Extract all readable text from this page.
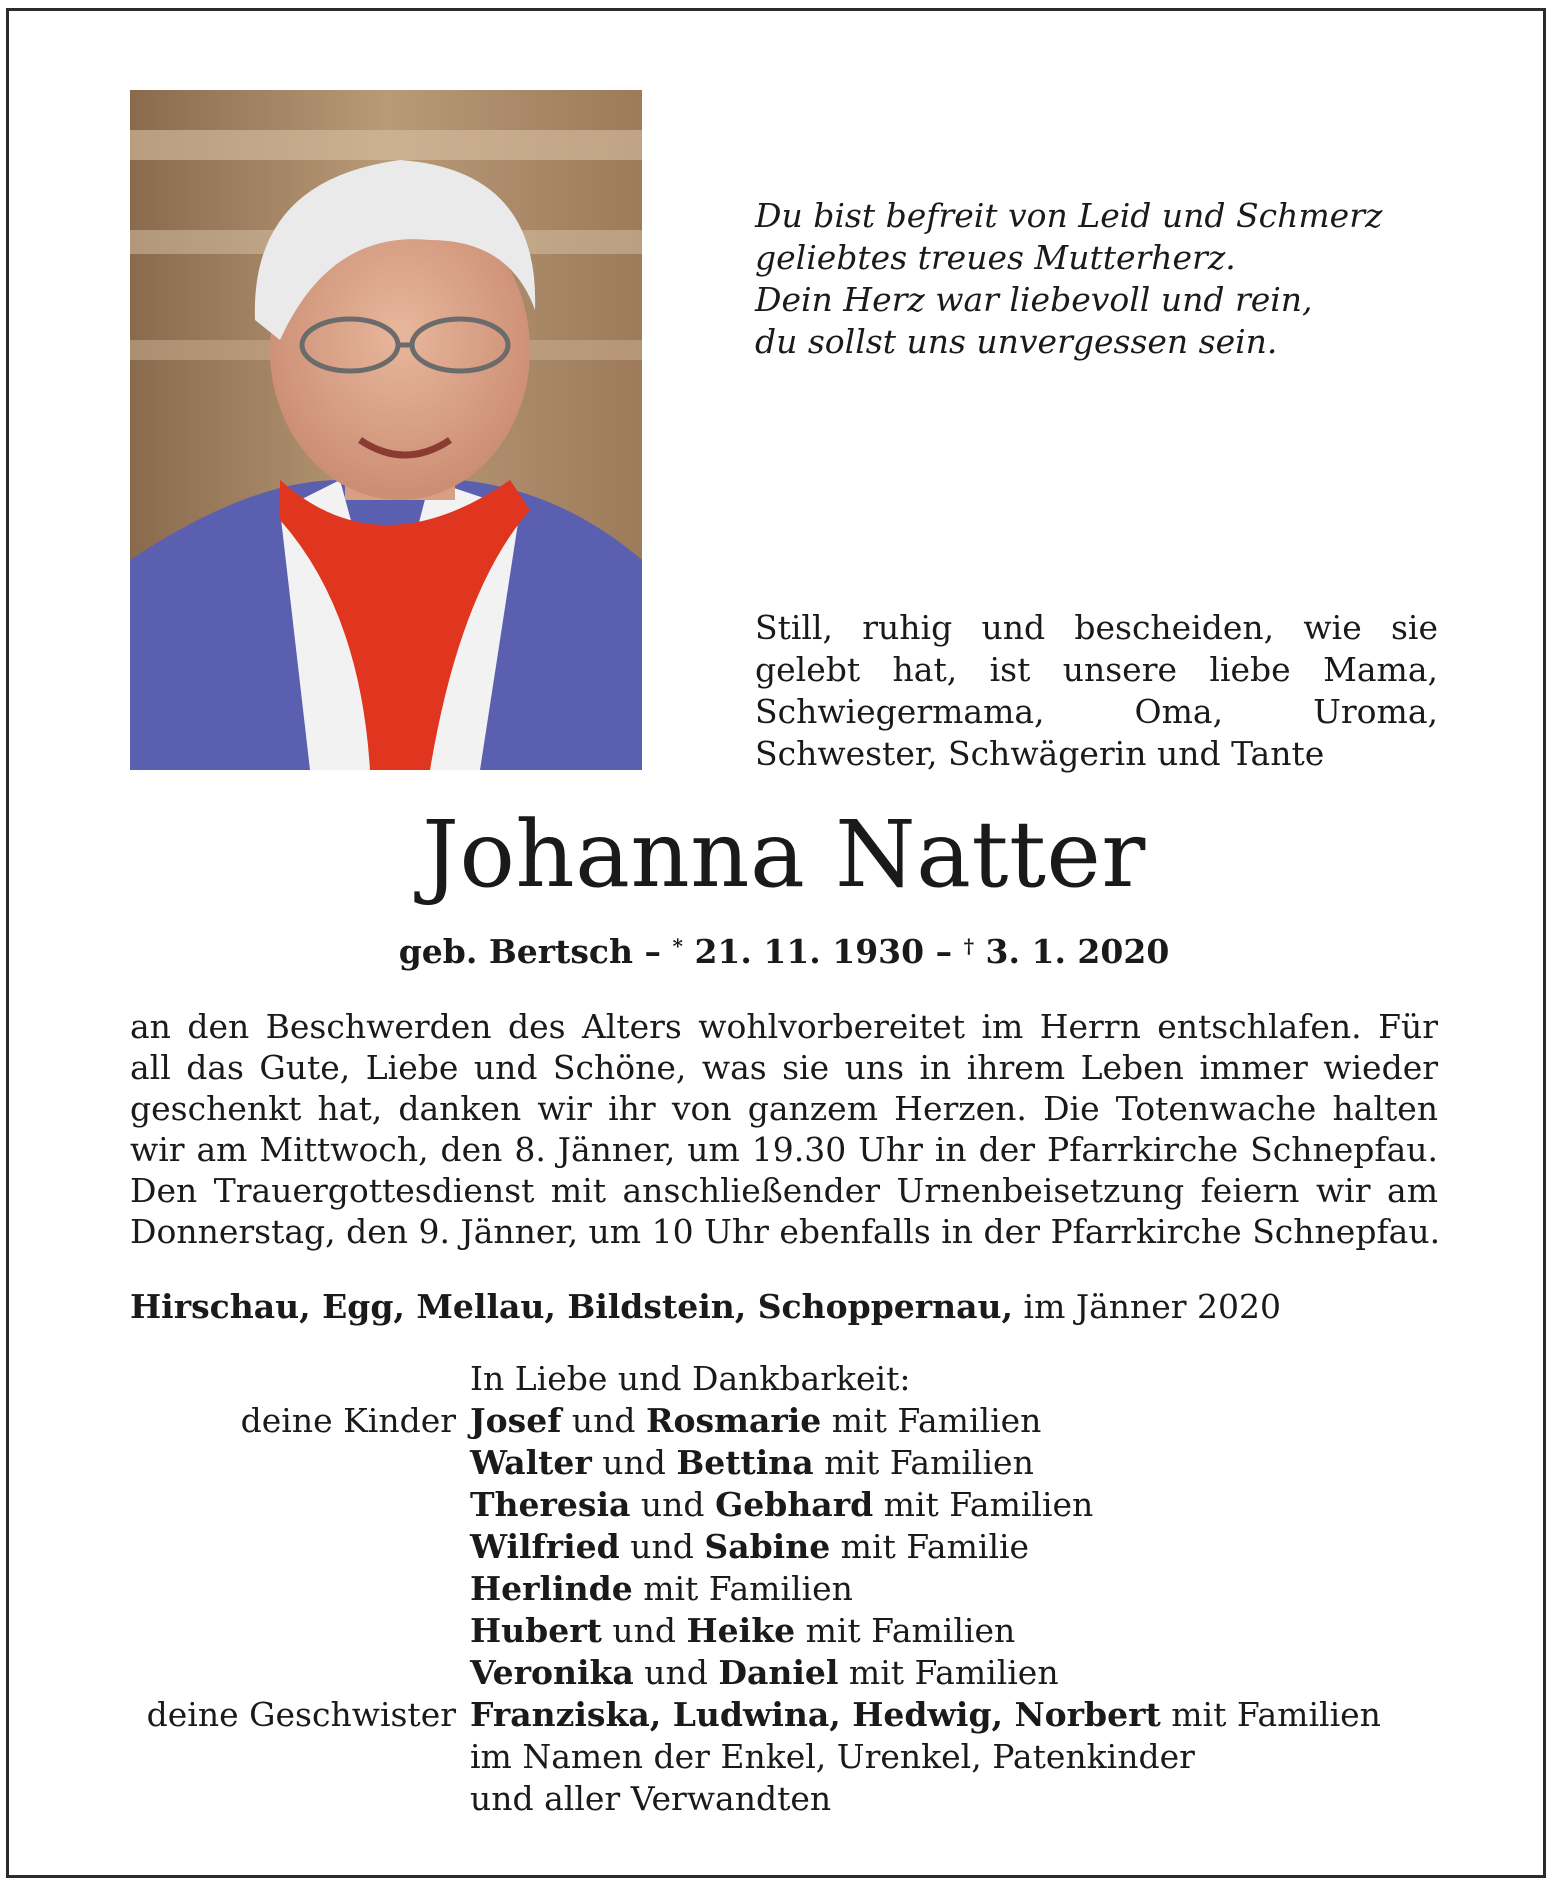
Du bist befreit von Leid und Schmerz
geliebtes treues Mutterherz.
Dein Herz war liebevoll und rein,
du sollst uns unvergessen sein.
Still, ruhig und bescheiden, wie sie
gelebt hat, ist unsere liebe Mama,
Schwiegermama, Oma, Uroma,
Schwester, Schwägerin und Tante
Johanna Natter
geb. Bertsch – * 21. 11. 1930 – † 3. 1. 2020
an den Beschwerden des Alters wohlvorbereitet im Herrn entschlafen. Für
all das Gute, Liebe und Schöne, was sie uns in ihrem Leben immer wieder
geschenkt hat, danken wir ihr von ganzem Herzen. Die Totenwache halten
wir am Mittwoch, den 8. Jänner, um 19.30 Uhr in der Pfarrkirche Schnepfau.
Den Trauergottesdienst mit anschließender Urnenbeisetzung feiern wir am
Donnerstag, den 9. Jänner, um 10 Uhr ebenfalls in der Pfarrkirche Schnepfau.
Hirschau, Egg, Mellau, Bildstein, Schoppernau, im Jänner 2020
In Liebe und Dankbarkeit:
deine Kinder Josef und Rosmarie mit Familien
Walter und Bettina mit Familien
Theresia und Gebhard mit Familien
Wilfried und Sabine mit Familie
Herlinde mit Familien
Hubert und Heike mit Familien
Veronika und Daniel mit Familien
deine Geschwister Franziska, Ludwina, Hedwig, Norbert mit Familien
im Namen der Enkel, Urenkel, Patenkinder
und aller Verwandten
